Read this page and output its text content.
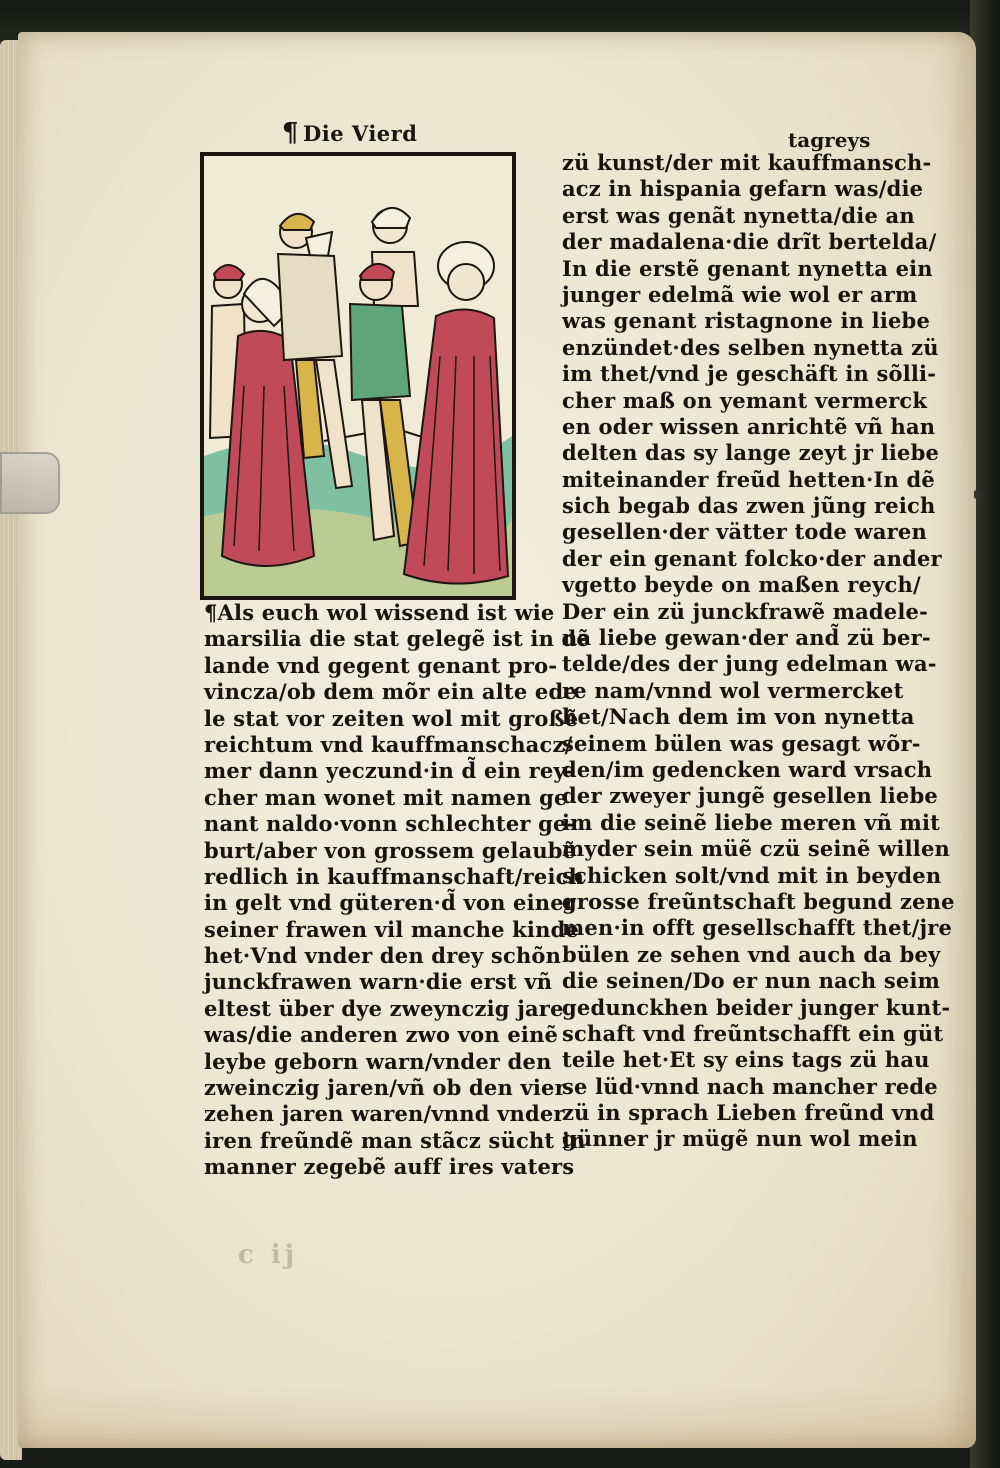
¶ Die Vierd	tagreys
¶Als euch wol wissend ist wie
marsilia die stat gelegẽ ist in dẽ
lande vnd gegent genant pro-
vincza/ob dem mõr ein alte ede
le stat vor zeiten wol mit großẽ
reichtum vnd kauffmanschacz/
mer dann yeczund·in d̃ ein rey-
cher man wonet mit namen ge
nant naldo·vonn schlechter ge-
burt/aber von grossem gelaubẽ
redlich in kauffmanschaft/reich
in gelt vnd güteren·d̃ von einer
seiner frawen vil manche kinde
het·Vnd vnder den drey schõn
junckfrawen warn·die erst vñ
eltest über dye zweynczig jare
was/die anderen zwo von einẽ
leybe geborn warn/vnder den
zweinczig jaren/vñ ob den vier
zehen jaren waren/vnnd vnder
iren freũndẽ man stãcz sücht in
manner zegebẽ auff ires vaters
zü kunst/der mit kauffmansch-
acz in hispania gefarn was/die
erst was genãt nynetta/die an
der madalena·die drĩt bertelda/
In die erstẽ genant nynetta ein
junger edelmã wie wol er arm
was genant ristagnone in liebe
enzündet·des selben nynetta zü
im thet/vnd je geschäft in sõlli-
cher maß on yemant vermerck
en oder wissen anrichtẽ vñ han
delten das sy lange zeyt jr liebe
miteinander freũd hetten·In dẽ
sich begab das zwen jũng reich
gesellen·der vätter tode waren
der ein genant folcko·der ander
vgetto beyde on maßen reych/
Der ein zü junckfrawẽ madele-
na liebe gewan·der and̃ zü ber-
telde/des der jung edelman wa-
re nam/vnnd wol vermercket
het/Nach dem im von nynetta
seinem bülen was gesagt wõr-
den/im gedencken ward vrsach
der zweyer jungẽ gesellen liebe
im die seinẽ liebe meren vñ mit
myder sein müẽ czü seinẽ willen
schicken solt/vnd mit in beyden
grosse freũntschaft begund zene
men·in offt gesellschafft thet/jre
bülen ze sehen vnd auch da bey
die seinen/Do er nun nach seim
gedunckhen beider junger kunt-
schaft vnd freũntschafft ein güt
teile het·Et sy eins tags zü hau
se lüd·vnnd nach mancher rede
zü in sprach Lieben freũnd vnd
günner jr mügẽ nun wol mein
c ij
